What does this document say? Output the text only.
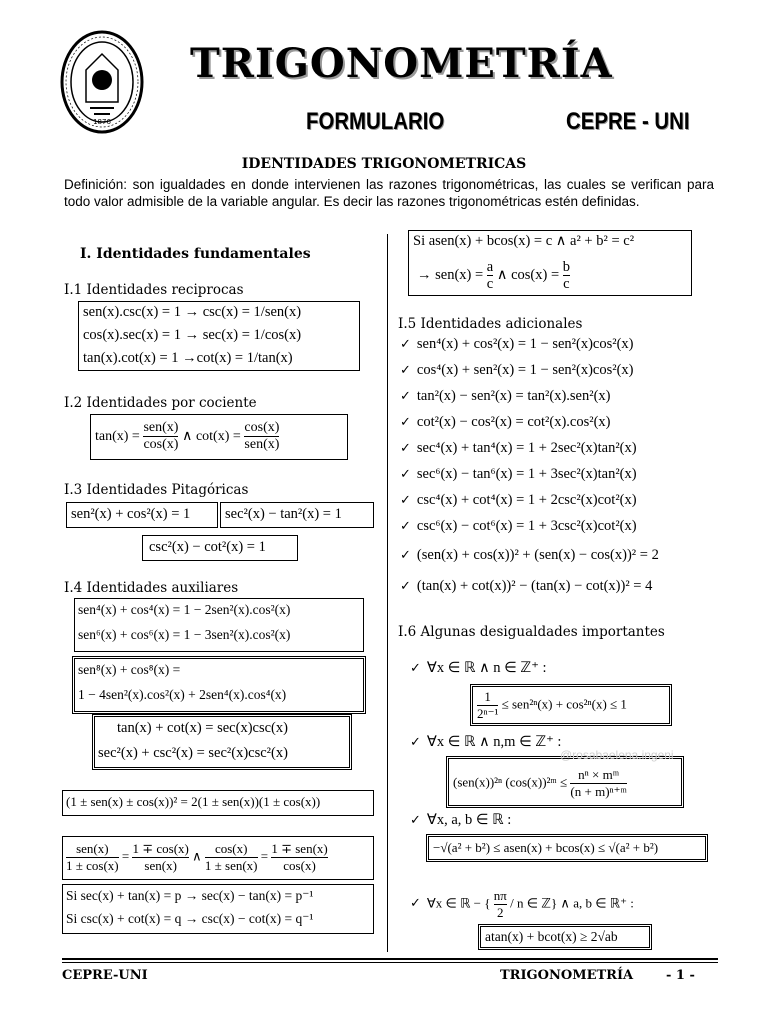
1876
TRIGONOMETRÍA
FORMULARIO	CEPRE - UNI
IDENTIDADES TRIGONOMETRICAS
Definición: son igualdades en donde intervienen las razones trigonométricas, las cuales se verifican para todo valor admisible de la variable angular. Es decir las razones trigonométricas estén definidas.
I. Identidades fundamentales
I.1 Identidades reciprocas
sen(x).csc(x) = 1 → csc(x) = 1/sen(x)
cos(x).sec(x) = 1 → sec(x) = 1/cos(x)
tan(x).cot(x) = 1 →cot(x) = 1/tan(x)
I.2 Identidades por cociente
$\tan(x) = \frac{\text{sen(x)}}{\cos(x)}$ ∧ $\cot(x) = \frac{\cos(x)}{\text{sen(x)}}$
I.3 Identidades Pitagóricas
sen²(x) + cos²(x) = 1 sec²(x) − tan²(x) = 1
csc²(x) − cot²(x) = 1
I.4 Identidades auxiliares
sen⁴(x) + cos⁴(x) = 1 − 2sen²(x).cos²(x)
sen⁶(x) + cos⁶(x) = 1 − 3sen²(x).cos²(x)
sen⁸(x) + cos⁸(x) =
1 − 4sen²(x).cos²(x) + 2sen⁴(x).cos⁴(x)
tan(x) + cot(x) = sec(x)csc(x)
sec²(x) + csc²(x) = sec²(x)csc²(x)
(1 ± sen(x) ± cos(x))² = 2(1 ± sen(x))(1 ± cos(x))
$\frac{\text{sen(x)}}{1 \pm \cos(x)} = \frac{1 \mp \cos(x)}{\text{sen(x)}}$ ∧ $\frac{\cos(x)}{\text{1 ± sen(x)}} = \frac{\text{1 ∓ sen(x)}}{\cos(x)}$
Si sec(x) + tan(x) = p → sec(x) − tan(x) = p⁻¹
Si csc(x) + cot(x) = q → csc(x) − cot(x) = q⁻¹
Si asen(x) + bcos(x) = c ∧ a² + b² = c²
→ $sen(x) = \frac{a}{c}$ ∧ $\cos(x) = \frac{b}{c}$
I.5 Identidades adicionales
✓ sen⁴(x) + cos²(x) = 1 − sen²(x)cos²(x)
✓ cos⁴(x) + sen²(x) = 1 − sen²(x)cos²(x)
✓ tan²(x) − sen²(x) = tan²(x).sen²(x)
✓ cot²(x) − cos²(x) = cot²(x).cos²(x)
✓ sec⁴(x) + tan⁴(x) = 1 + 2sec²(x)tan²(x)
✓ sec⁶(x) − tan⁶(x) = 1 + 3sec²(x)tan²(x)
✓ csc⁴(x) + cot⁴(x) = 1 + 2csc²(x)cot²(x)
✓ csc⁶(x) − cot⁶(x) = 1 + 3csc²(x)cot²(x)
✓ (sen(x) + cos(x))² + (sen(x) − cos(x))² = 2
✓ (tan(x) + cot(x))² − (tan(x) − cot(x))² = 4
I.6 Algunas desigualdades importantes
✓ ∀x ∈ ℝ ∧ n ∈ ℤ⁺ :
$\frac{1}{\text{2ⁿ⁻¹}} \le sen^{2n}(x) + \cos^{2n}(x) \le 1$
✓ ∀x ∈ ℝ ∧ n,m ∈ ℤ⁺ :
(sen(x))²ⁿ (cos(x))²ᵐ ≤ $\frac{\text{nⁿ × mᵐ}}{\text{(n + m)ⁿ⁺ᵐ}}$
✓ ∀x, a, b ∈ ℝ :
−√(a² + b²) ≤ asen(x) + bcos(x) ≤ √(a² + b²)
✓ ∀x ∈ ℝ − { $\frac{n\pi}{2}$ / n ∈ ℤ} ∧ a, b ∈ ℝ⁺ :
atan(x) + bcot(x) ≥ 2√ab
@rosabaelena.ingeni
CEPRE-UNI	TRIGONOMETRÍA	- 1 -
